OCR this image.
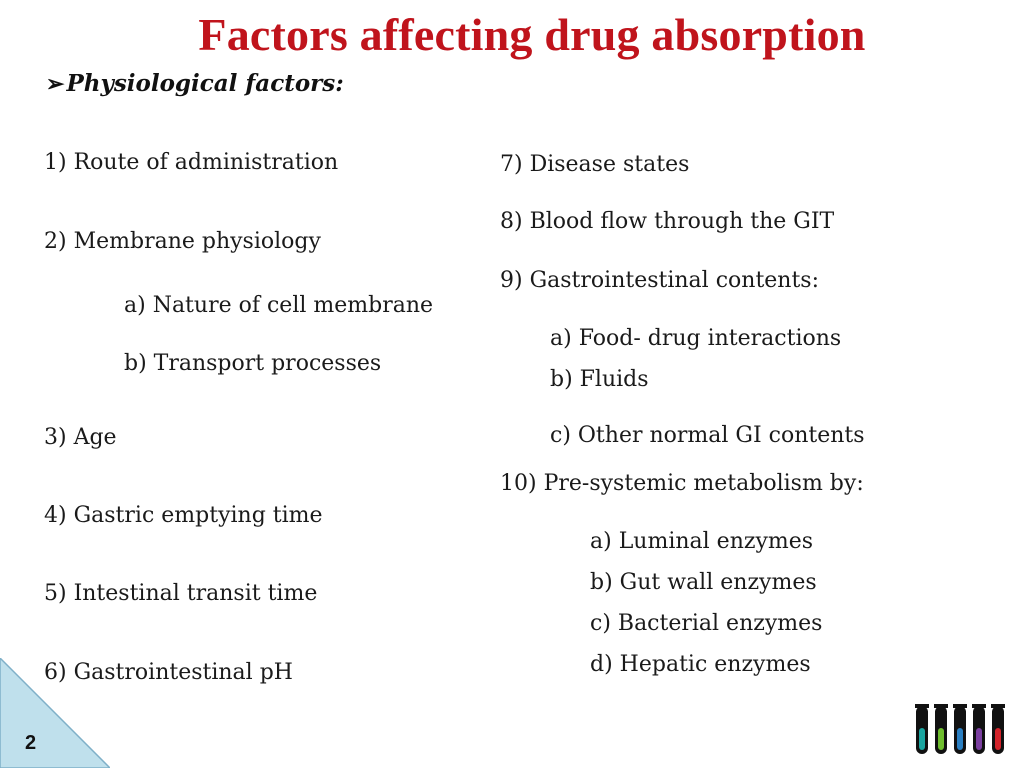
Factors affecting drug absorption
➢Physiological factors:
1) Route of administration
2) Membrane physiology
a) Nature of cell membrane
b) Transport processes
3) Age
4) Gastric emptying time
5) Intestinal transit time
6) Gastrointestinal pH
7) Disease states
8) Blood flow through the GIT
9) Gastrointestinal contents:
a) Food- drug interactions
b) Fluids
c) Other normal GI contents
10) Pre-systemic metabolism by:
a) Luminal enzymes
b) Gut wall enzymes
c) Bacterial enzymes
d) Hepatic enzymes
2
